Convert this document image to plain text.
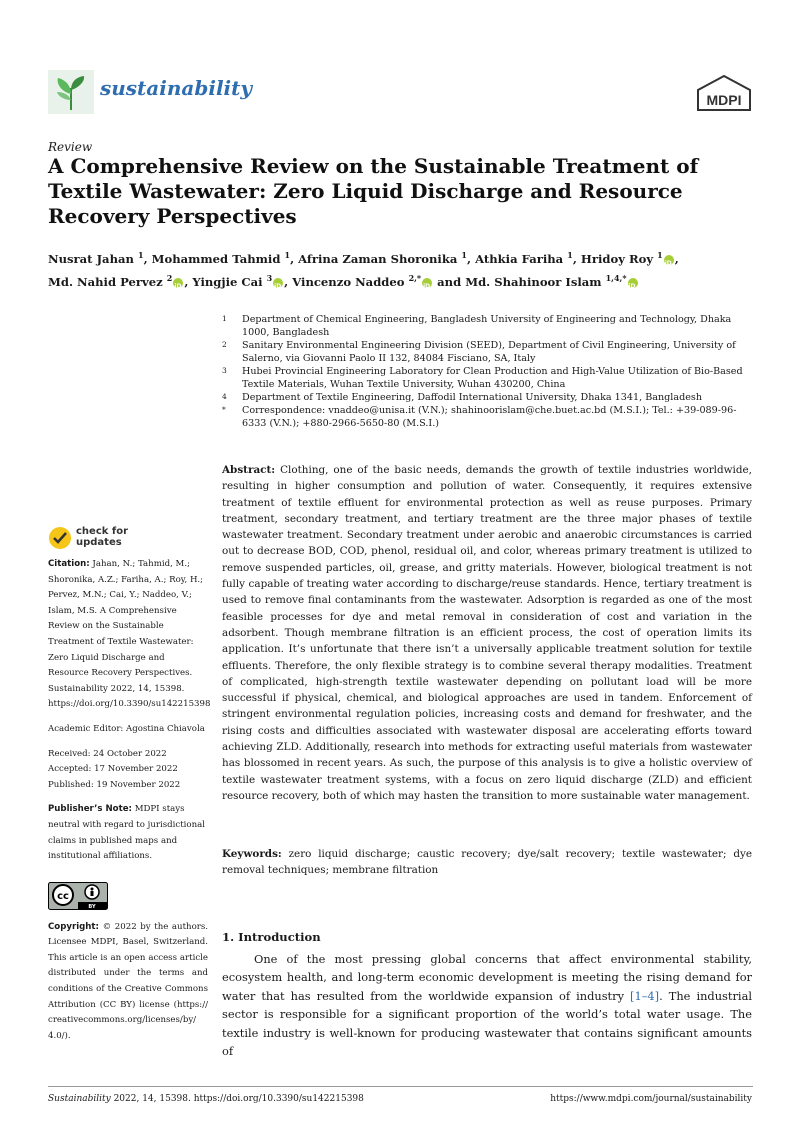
sustainability	MDPI
Review
A Comprehensive Review on the Sustainable Treatment of Textile Wastewater: Zero Liquid Discharge and Resource Recovery Perspectives
Nusrat Jahan $^1$, Mohammed Tahmid $^1$, Afrina Zaman Shoronika $^1$, Athkia Fariha $^1$, Hridoy Roy $^1$ iD ,
Md. Nahid Pervez $^2$ iD , Yingjie Cai $^3$ iD , Vincenzo Naddeo $^{2,*}$iD and Md. Shahinoor Islam $^{1,4,*}$iD
1 Department of Chemical Engineering, Bangladesh University of Engineering and Technology, Dhaka 1000, Bangladesh
2 Sanitary Environmental Engineering Division (SEED), Department of Civil Engineering, University of Salerno, via Giovanni Paolo II 132, 84084 Fisciano, SA, Italy
3 Hubei Provincial Engineering Laboratory for Clean Production and High-Value Utilization of Bio-Based Textile Materials, Wuhan Textile University, Wuhan 430200, China
4 Department of Textile Engineering, Daffodil International University, Dhaka 1341, Bangladesh
* Correspondence: vnaddeo@unisa.it (V.N.); shahinoorislam@che.buet.ac.bd (M.S.I.); Tel.: +39-089-96-6333 (V.N.); +880-2966-5650-80 (M.S.I.)
check for updates
Citation: Jahan, N.; Tahmid, M.; Shoronika, A.Z.; Fariha, A.; Roy, H.; Pervez, M.N.; Cai, Y.; Naddeo, V.; Islam, M.S. A Comprehensive Review on the Sustainable Treatment of Textile Wastewater: Zero Liquid Discharge and Resource Recovery Perspectives. Sustainability 2022, 14, 15398. https://doi.org/10.3390/su142215398
Academic Editor: Agostina Chiavola
Received: 24 October 2022
Accepted: 17 November 2022
Published: 19 November 2022
Publisher’s Note: MDPI stays neutral with regard to jurisdictional claims in published maps and institutional affiliations.
Copyright: © 2022 by the authors. Licensee MDPI, Basel, Switzerland. This article is an open access article distributed under the terms and conditions of the Creative Commons Attribution (CC BY) license (https:// creativecommons.org/licenses/by/ 4.0/).
cc
BY
Abstract: Clothing, one of the basic needs, demands the growth of textile industries worldwide, resulting in higher consumption and pollution of water. Consequently, it requires extensive treatment of textile effluent for environmental protection as well as reuse purposes. Primary treatment, secondary treatment, and tertiary treatment are the three major phases of textile wastewater treatment. Secondary treatment under aerobic and anaerobic circumstances is carried out to decrease BOD, COD, phenol, residual oil, and color, whereas primary treatment is utilized to remove suspended particles, oil, grease, and gritty materials. However, biological treatment is not fully capable of treating water according to discharge/reuse standards. Hence, tertiary treatment is used to remove final contaminants from the wastewater. Adsorption is regarded as one of the most feasible processes for dye and metal removal in consideration of cost and variation in the adsorbent. Though membrane filtration is an efficient process, the cost of operation limits its application. It’s unfortunate that there isn’t a universally applicable treatment solution for textile effluents. Therefore, the only flexible strategy is to combine several therapy modalities. Treatment of complicated, high-strength textile wastewater depending on pollutant load will be more successful if physical, chemical, and biological approaches are used in tandem. Enforcement of stringent environmental regulation policies, increasing costs and demand for freshwater, and the rising costs and difficulties associated with wastewater disposal are accelerating efforts toward achieving ZLD. Additionally, research into methods for extracting useful materials from wastewater has blossomed in recent years. As such, the purpose of this analysis is to give a holistic overview of textile wastewater treatment systems, with a focus on zero liquid discharge (ZLD) and efficient resource recovery, both of which may hasten the transition to more sustainable water management.
Keywords: zero liquid discharge; caustic recovery; dye/salt recovery; textile wastewater; dye removal techniques; membrane filtration
1. Introduction
One of the most pressing global concerns that affect environmental stability, ecosystem health, and long-term economic development is meeting the rising demand for water that has resulted from the worldwide expansion of industry [1–4]. The industrial sector is responsible for a significant proportion of the world’s total water usage. The textile industry is well-known for producing wastewater that contains significant amounts of
Sustainability 2022, 14, 15398. https://doi.org/10.3390/su142215398	https://www.mdpi.com/journal/sustainability
